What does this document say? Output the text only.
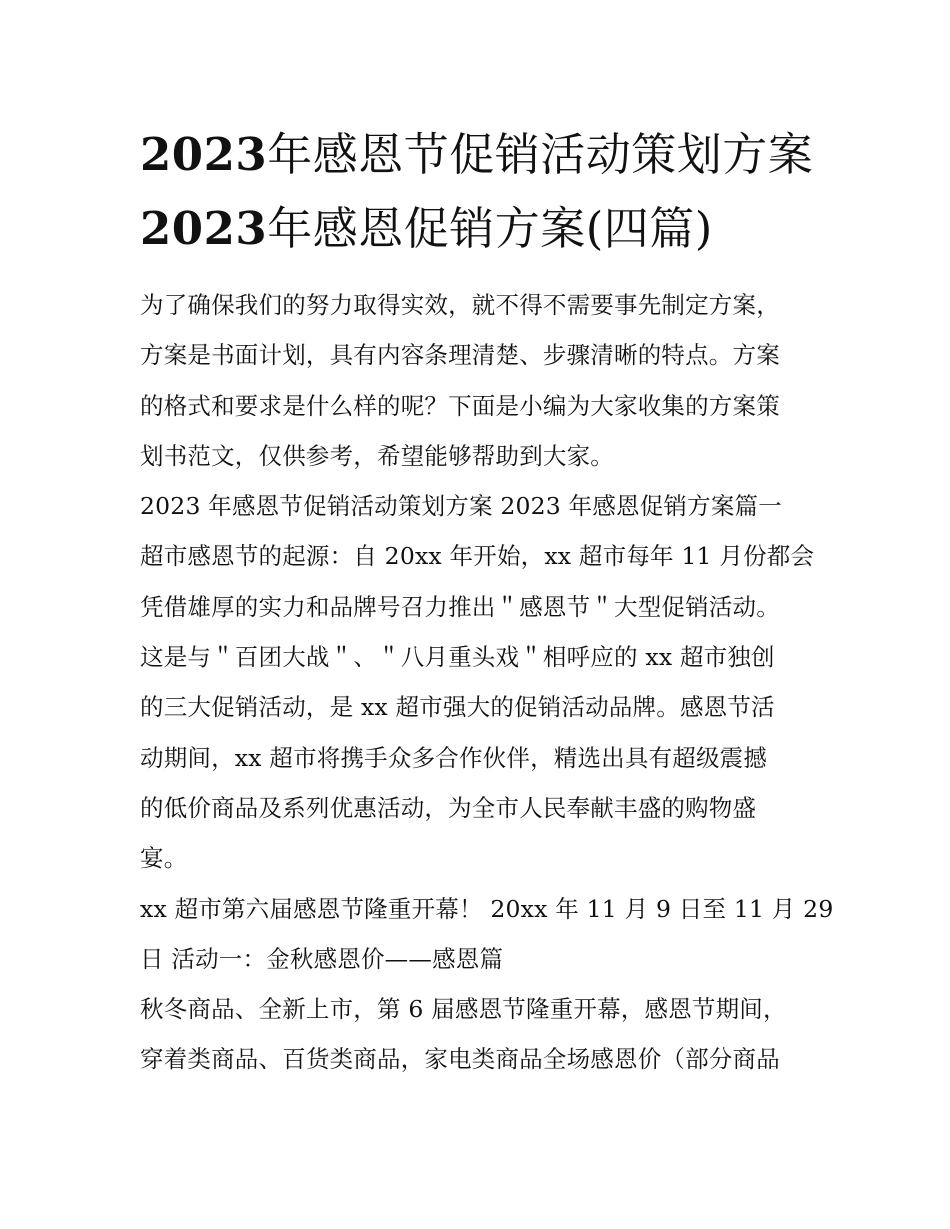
2023年感恩节促销活动策划方案 2023年感恩促销方案(四篇)

为了确保我们的努力取得实效，就不得不需要事先制定方案，

方案是书面计划，具有内容条理清楚、步骤清晰的特点。方案

的格式和要求是什么样的呢？下面是小编为大家收集的方案策

划书范文，仅供参考，希望能够帮助到大家。

2023 年感恩节促销活动策划方案 2023 年感恩促销方案篇一

超市感恩节的起源：自 20xx 年开始，xx 超市每年 11 月份都会

凭借雄厚的实力和品牌号召力推出＂感恩节＂大型促销活动。

这是与＂百团大战＂、＂八月重头戏＂相呼应的 xx 超市独创

的三大促销活动，是 xx 超市强大的促销活动品牌。感恩节活

动期间，xx 超市将携手众多合作伙伴，精选出具有超级震撼

的低价商品及系列优惠活动，为全市人民奉献丰盛的购物盛

宴。

xx 超市第六届感恩节隆重开幕！ 20xx 年 11 月 9 日至 11 月 29

日 活动一：金秋感恩价——感恩篇

秋冬商品、全新上市，第 6 届感恩节隆重开幕，感恩节期间，

穿着类商品、百货类商品，家电类商品全场感恩价（部分商品
